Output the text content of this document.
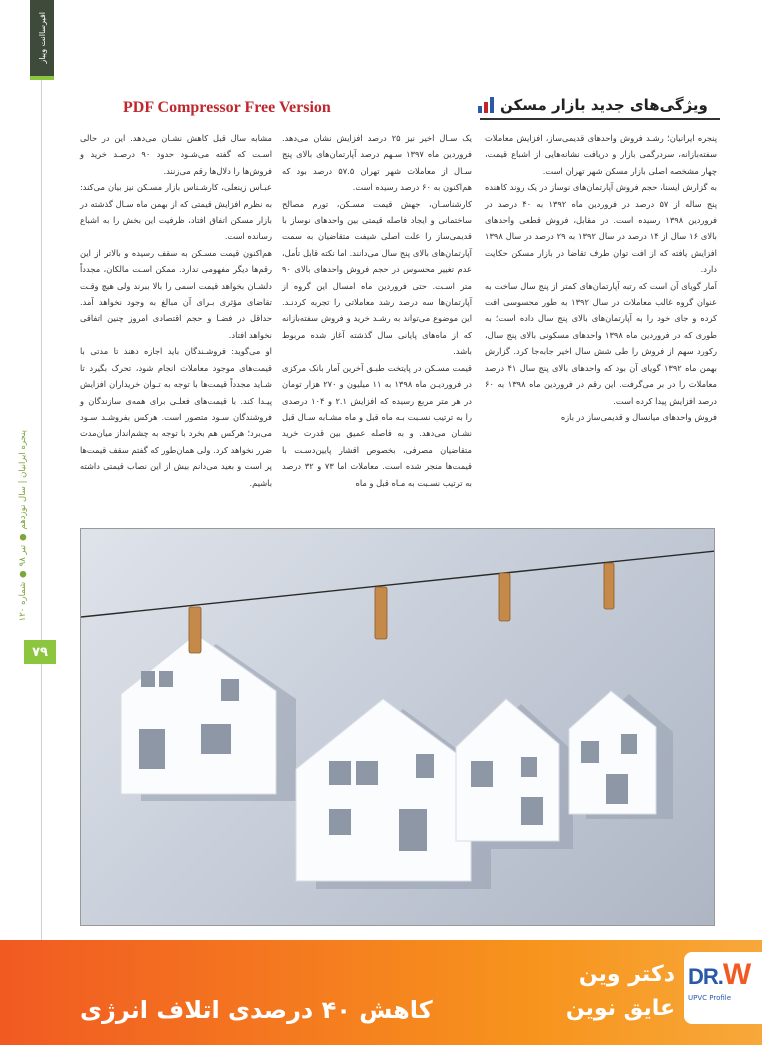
افیرساانت ویباز
پنجره ایرانیان | سال نوزدهم ● تیر ۹۸ ● شماره ۱۲۰
۷۹
PDF Compressor Free Version	ویژگی‌های جدید بازار مسکن

پنجره ایرانیان؛ رشـد فروش واحدهای قدیمی‌ساز، افزایش معاملات سفته‌بازانه، سردرگمی بازار و دریافت نشانه‌هایی از اشباع قیمت، چهار مشخصه اصلی بازار مسکن شهر تهران است.

به گزارش ایسنا، حجم فروش آپارتمان‌های نوساز در یک روند کاهنده پنج ساله از ۵۷ درصد در فروردین ماه ۱۳۹۲ به ۴۰ درصد در فروردین ۱۳۹۸ رسیده است. در مقابل، فروش قطعی واحدهای بالای ۱۶ سال از ۱۴ درصد در سال ۱۳۹۲ به ۲۹ درصد در سال ۱۳۹۸ افزایش یافته که از افت توان طرف تقاضا در بازار مسکن حکایت دارد.

آمار گویای آن است که رتبه آپارتمان‌های کمتر از پنج سال ساخت به عنوان گروه غالب معاملات در سال ۱۳۹۲ به طور محسوسی افت کرده و جای خود را به آپارتمان‌های بالای پنج سال داده است؛ به طوری که در فروردین ماه ۱۳۹۸ واحدهای مسکونی بالای پنج سال، رکورد سهم از فروش را طی شش سال اخیر جابه‌جا کرد. گزارش بهمن ماه ۱۳۹۲ گویای آن بود که واحدهای بالای پنج سال ۴۱ درصد معاملات را در بر می‌گرفت. این رقم در فروردین ماه ۱۳۹۸ به ۶۰ درصد افزایش پیدا کرده است.

فروش واحدهای میانسال و قدیمی‌ساز در بازه

یک سـال اخیر نیز ۲۵ درصد افزایش نشان می‌دهد. فروردین ماه ۱۳۹۷ سـهم درصد آپارتمان‌های بالای پنج سـال از معاملات شهر تهران ۵۷.۵ درصد بود که هم‌اکنون به ۶۰ درصد رسیده است.

کارشناسـان، جهش قیمت مسـکن، تورم مصالح ساختمانی و ایجاد فاصله قیمتی بین واحدهای نوساز با قدیمی‌ساز را علت اصلی شیفت متقاضیان به سمت آپارتمان‌های بالای پنج سال می‌دانند. اما نکته قابل تأمل، عدم تغییر محسوس در حجم فروش واحدهای بالای ۹۰ متر اسـت. حتی فروردین ماه امسال این گروه از آپارتمان‌ها سه درصد رشد معاملاتی را تجربه کردنـد. این موضوع می‌تواند به رشـد خرید و فروش سفته‌بازانه که از ماه‌های پایانی سال گذشته آغاز شده مربوط باشد.

قیمت مسـکن در پایتخت طبـق آخرین آمار بانک مرکزی در فروردیـن ماه ۱۳۹۸ به ۱۱ میلیون و ۲۷۰ هزار تومان در هر متر مربع رسیده که افزایش ۲.۱ و ۱۰۴ درصدی را به ترتیب نسـبت بـه ماه قبل و ماه مشـابه سـال قبل نشـان می‌دهد. و به فاصله عمیق بین قدرت خرید متقاضیان مصرفی، بخصوص اقشار پایین‌دسـت با قیمت‌ها منجر شده است. معاملات اما ۷۳ و ۳۲ درصد به ترتیب نسـبت به مـاه قبل و ماه

مشابه سال قبل کاهش نشـان می‌دهد. این در حالی اسـت که گفته می‌شـود حدود ۹۰ درصـد خرید و فروش‌ها را دلال‌ها رقم می‌زنند.

عبـاس زینعلی، کارشـناس بازار مسـکن نیز بیان می‌کند: به نظرم افزایش قیمتی که از بهمن ماه سـال گذشته در بازار مسکن اتفاق افتاد، ظرفیت این بخش را به اشباع رسانده است.

هم‌اکنون قیمت مسـکن به سقف رسیده و بالاتر از این رقم‌ها دیگر مفهومی ندارد. ممکن اسـت مالکان، مجدداً دلشـان بخواهد قیمت اسمی را بالا ببرند ولی هیچ وقـت تقاضای مؤثری بـرای آن مبالغ به وجود نخواهد آمد. حداقل در فضـا و حجم اقتصادی امروز چنین اتفاقی نخواهد افتاد.

او می‌گوید: فروشـندگان باید اجازه دهند تا مدتی با قیمت‌های موجود معاملات انجام شود، تحرک بگیرد تا شـاید مجدداً قیمت‌ها با توجه به تـوان خریداران افزایش پیـدا کند. با قیمت‌های فعلـی برای همه‌ی سازندگان و فروشندگان سـود متصور است. هرکس بفروشـد سـود می‌برد؛ هرکس هم بخرد با توجه به چشم‌انداز میان‌مدت ضرر نخواهد کرد. ولی همان‌طور که گفتم سقف قیمت‌ها پر است و بعید می‌دانم بیش از این نصاب قیمتی داشته باشیم.

کاهش ۴۰ درصدی اتلاف انرژی
دکتر وین
عایق نوین
DR.W
UPVC Profile
